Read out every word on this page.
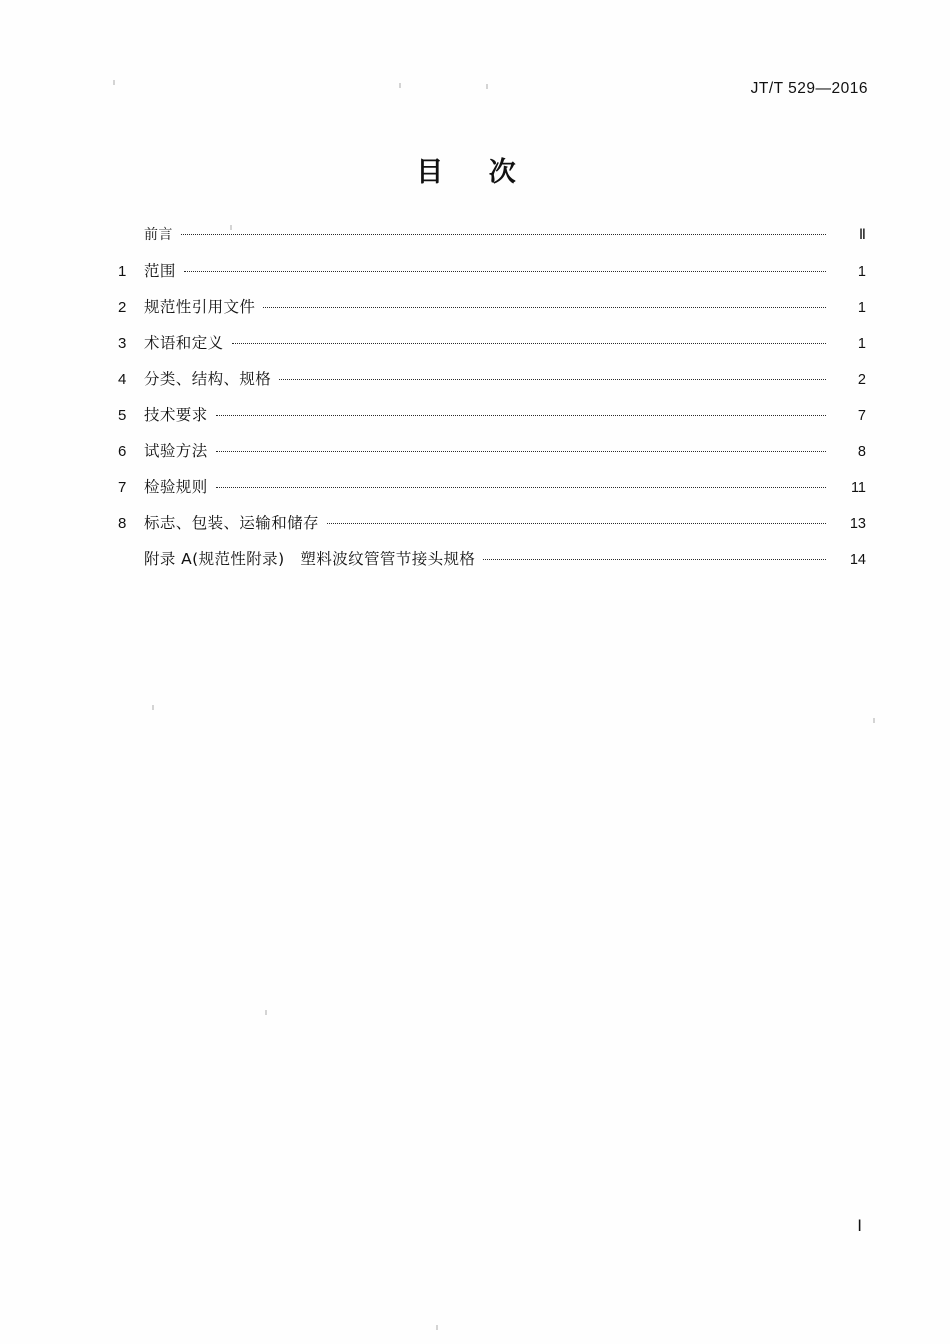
JT/T 529—2016
目 次
前言	Ⅱ
1	范围	1
2	规范性引用文件	1
3	术语和定义	1
4	分类、结构、规格	2
5	技术要求	7
6	试验方法	8
7	检验规则	11
8	标志、包装、运输和储存	13
附录 A(规范性附录)　塑料波纹管管节接头规格	14
Ⅰ
